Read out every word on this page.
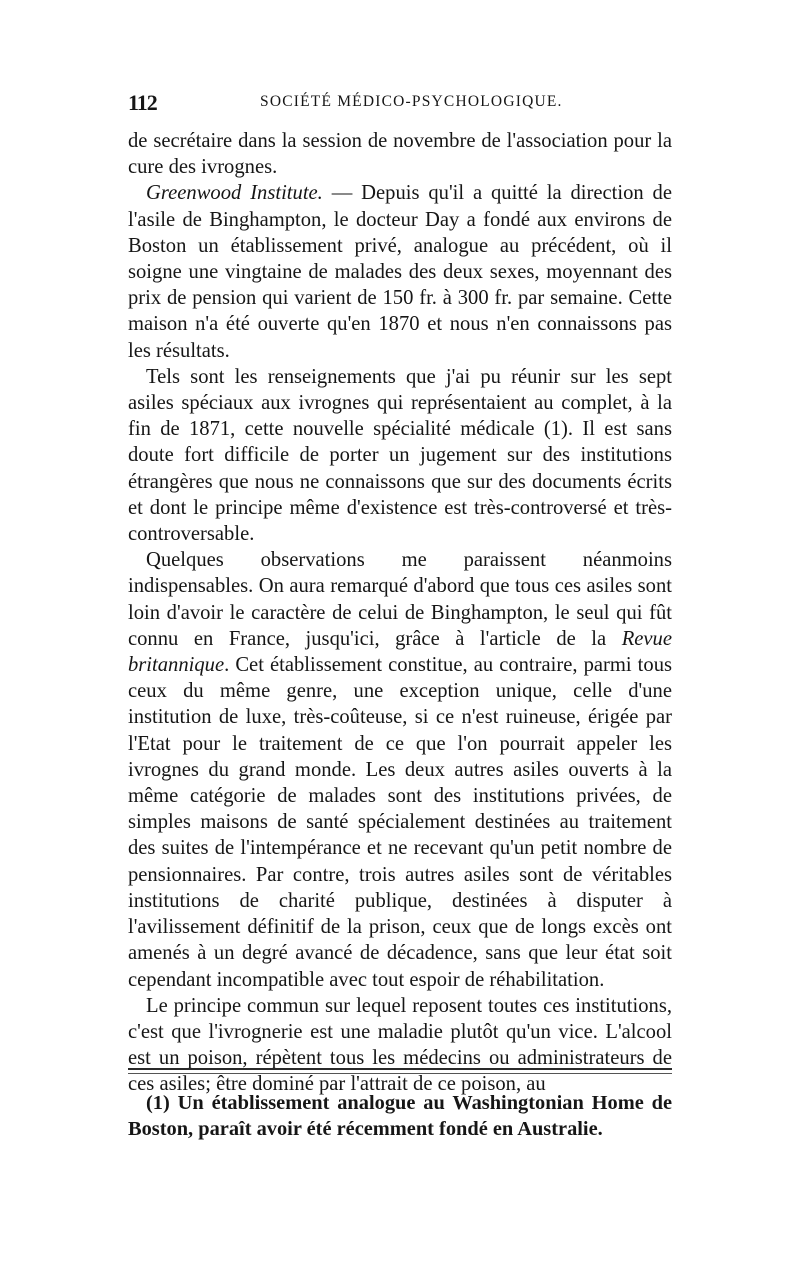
112	SOCIÉTÉ MÉDICO-PSYCHOLOGIQUE.

de secrétaire dans la session de novembre de l'association pour la cure des ivrognes.

Greenwood Institute. — Depuis qu'il a quitté la direction de l'asile de Binghampton, le docteur Day a fondé aux environs de Boston un établissement privé, analogue au précédent, où il soigne une vingtaine de malades des deux sexes, moyennant des prix de pension qui varient de 150 fr. à 300 fr. par semaine. Cette maison n'a été ouverte qu'en 1870 et nous n'en connaissons pas les résultats.

Tels sont les renseignements que j'ai pu réunir sur les sept asiles spéciaux aux ivrognes qui représentaient au complet, à la fin de 1871, cette nouvelle spécialité médicale (1). Il est sans doute fort difficile de porter un jugement sur des institutions étrangères que nous ne connaissons que sur des documents écrits et dont le principe même d'existence est très-controversé et très-controversable.

Quelques observations me paraissent néanmoins indispensables. On aura remarqué d'abord que tous ces asiles sont loin d'avoir le caractère de celui de Binghampton, le seul qui fût connu en France, jusqu'ici, grâce à l'article de la Revue britannique. Cet établissement constitue, au contraire, parmi tous ceux du même genre, une exception unique, celle d'une institution de luxe, très-coûteuse, si ce n'est ruineuse, érigée par l'Etat pour le traitement de ce que l'on pourrait appeler les ivrognes du grand monde. Les deux autres asiles ouverts à la même catégorie de malades sont des institutions privées, de simples maisons de santé spécialement destinées au traitement des suites de l'intempérance et ne recevant qu'un petit nombre de pensionnaires. Par contre, trois autres asiles sont de véritables institutions de charité publique, destinées à disputer à l'avilissement définitif de la prison, ceux que de longs excès ont amenés à un degré avancé de décadence, sans que leur état soit cependant incompatible avec tout espoir de réhabilitation.

Le principe commun sur lequel reposent toutes ces institutions, c'est que l'ivrognerie est une maladie plutôt qu'un vice. L'alcool est un poison, répètent tous les médecins ou administrateurs de ces asiles; être dominé par l'attrait de ce poison, au

(1) Un établissement analogue au Washingtonian Home de Boston, paraît avoir été récemment fondé en Australie.
